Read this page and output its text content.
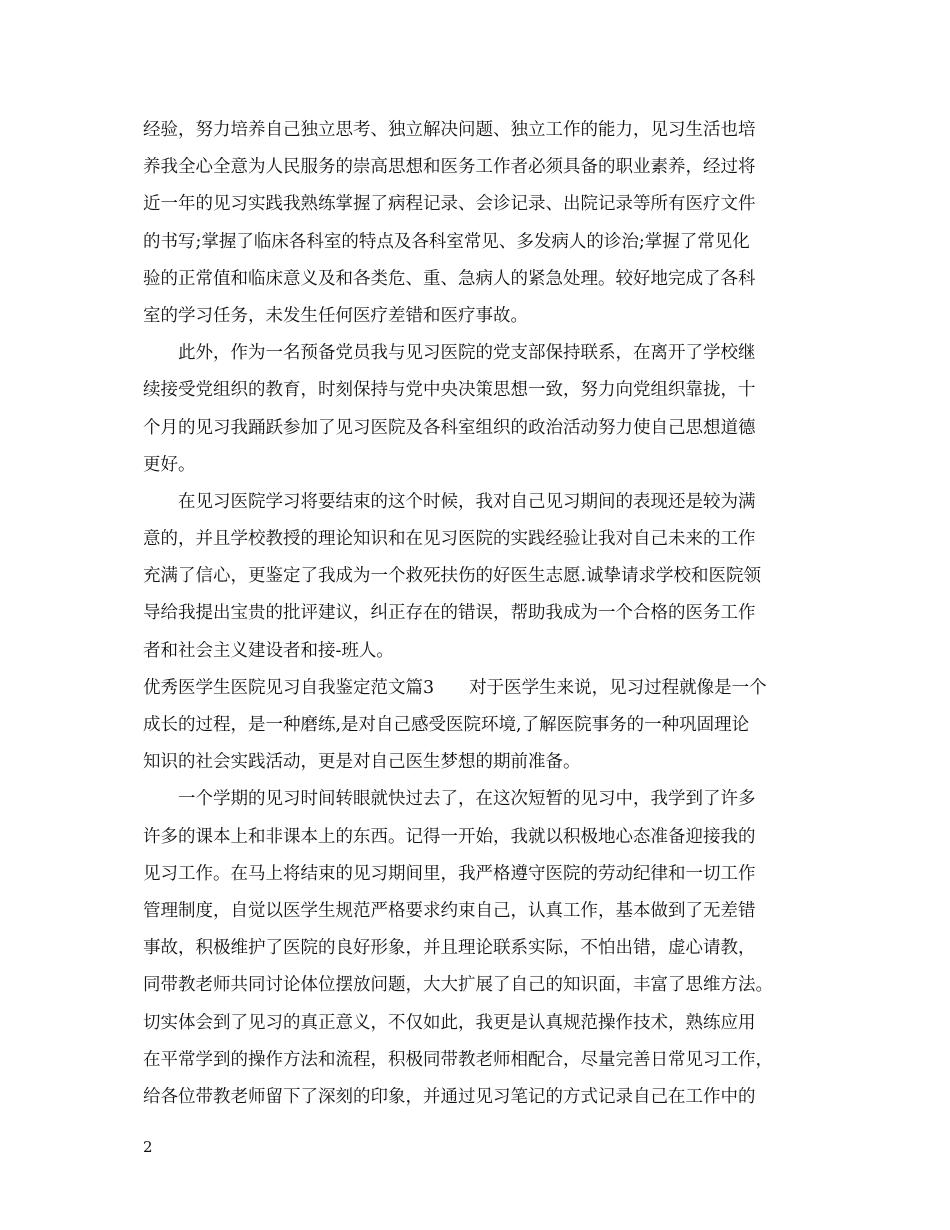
经验，努力培养自己独立思考、独立解决问题、独立工作的能力，见习生活也培
养我全心全意为人民服务的崇高思想和医务工作者必须具备的职业素养，经过将
近一年的见习实践我熟练掌握了病程记录、会诊记录、出院记录等所有医疗文件
的书写;掌握了临床各科室的特点及各科室常见、多发病人的诊治;掌握了常见化
验的正常值和临床意义及和各类危、重、急病人的紧急处理。较好地完成了各科
室的学习任务，未发生任何医疗差错和医疗事故。
此外，作为一名预备党员我与见习医院的党支部保持联系，在离开了学校继
续接受党组织的教育，时刻保持与党中央决策思想一致，努力向党组织靠拢，十
个月的见习我踊跃参加了见习医院及各科室组织的政治活动努力使自己思想道德
更好。
在见习医院学习将要结束的这个时候，我对自己见习期间的表现还是较为满
意的，并且学校教授的理论知识和在见习医院的实践经验让我对自己未来的工作
充满了信心，更鉴定了我成为一个救死扶伤的好医生志愿.诚挚请求学校和医院领
导给我提出宝贵的批评建议，纠正存在的错误，帮助我成为一个合格的医务工作
者和社会主义建设者和接-班人。
优秀医学生医院见习自我鉴定范文篇3　　对于医学生来说，见习过程就像是一个
成长的过程，是一种磨练,是对自己感受医院环境,了解医院事务的一种巩固理论
知识的社会实践活动，更是对自己医生梦想的期前准备。
一个学期的见习时间转眼就快过去了，在这次短暂的见习中，我学到了许多
许多的课本上和非课本上的东西。记得一开始，我就以积极地心态准备迎接我的
见习工作。在马上将结束的见习期间里，我严格遵守医院的劳动纪律和一切工作
管理制度，自觉以医学生规范严格要求约束自己，认真工作，基本做到了无差错
事故，积极维护了医院的良好形象，并且理论联系实际，不怕出错，虚心请教，
同带教老师共同讨论体位摆放问题，大大扩展了自己的知识面，丰富了思维方法。
切实体会到了见习的真正意义，不仅如此，我更是认真规范操作技术，熟练应用
在平常学到的操作方法和流程，积极同带教老师相配合，尽量完善日常见习工作，
给各位带教老师留下了深刻的印象，并通过见习笔记的方式记录自己在工作中的
2
